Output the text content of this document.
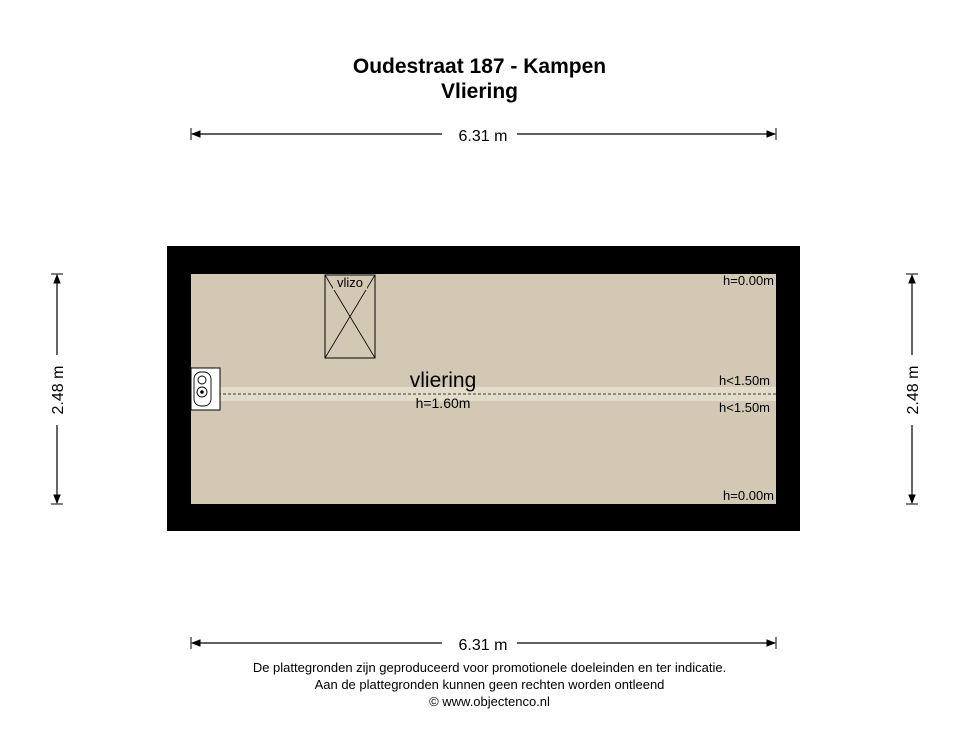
Oudestraat 187 - Kampen
Vliering
6.31 m
6.31 m
2.48 m	2.48 m
vlizo
vliering
h=1.60m
h=0.00m
h<1.50m
h<1.50m
h=0.00m
De plattegronden zijn geproduceerd voor promotionele doeleinden en ter indicatie.
Aan de plattegronden kunnen geen rechten worden ontleend
© www.objectenco.nl
